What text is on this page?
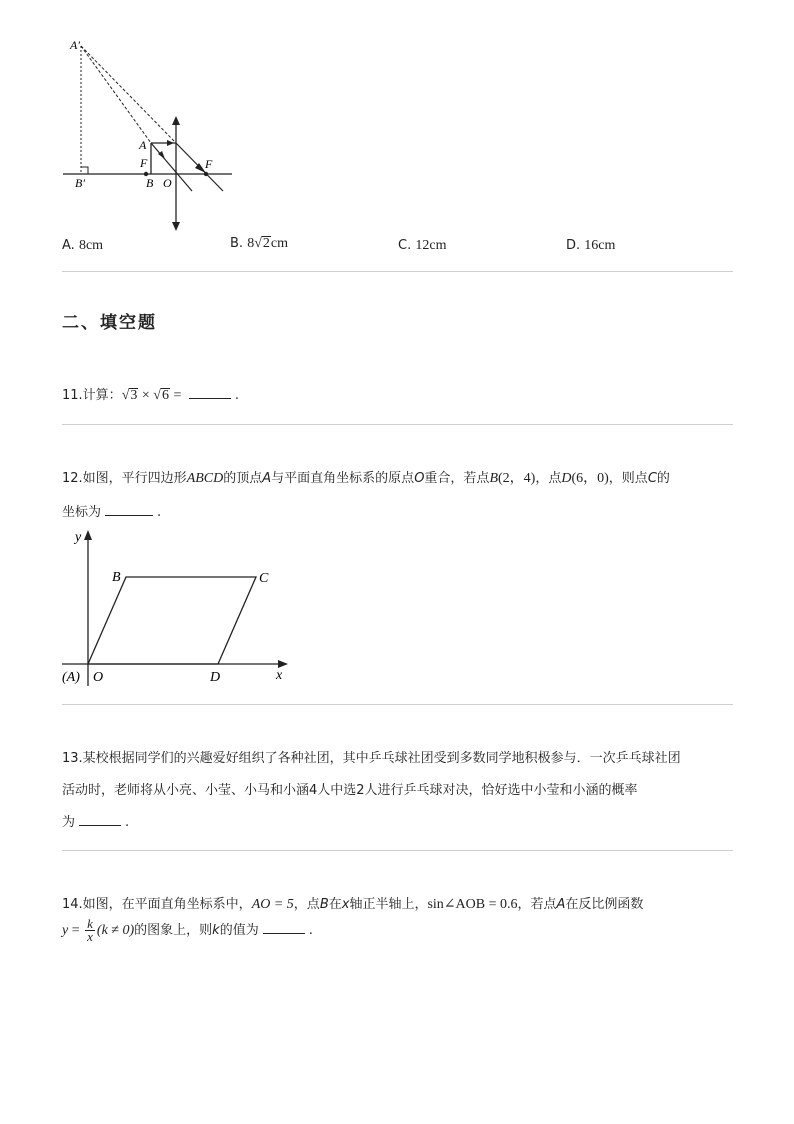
A′
A
F	F
B′	B O
A. 8cm	B. 8√2cm	C. 12cm	D. 16cm
二、填空题
11.计算：√3 × √6 =	.
12.如图，平行四边形ABCD的顶点A与平面直角坐标系的原点O重合，若点B(2，4)，点D(6，0)，则点C的
坐标为	.
y
x
B	C
(A) O	D
13.某校根据同学们的兴趣爱好组织了各种社团，其中乒乓球社团受到多数同学地积极参与．一次乒乓球社团
活动时，老师将从小亮、小莹、小马和小涵4人中选2人进行乒乓球对决，恰好选中小莹和小涵的概率
为	.
14.如图，在平面直角坐标系中，AO = 5，点B在x轴正半轴上，sin∠AOB = 0.6，若点A在反比例函数
$y = \frac{k}{x} (k \ne 0)$的图象上，则k的值为	.
